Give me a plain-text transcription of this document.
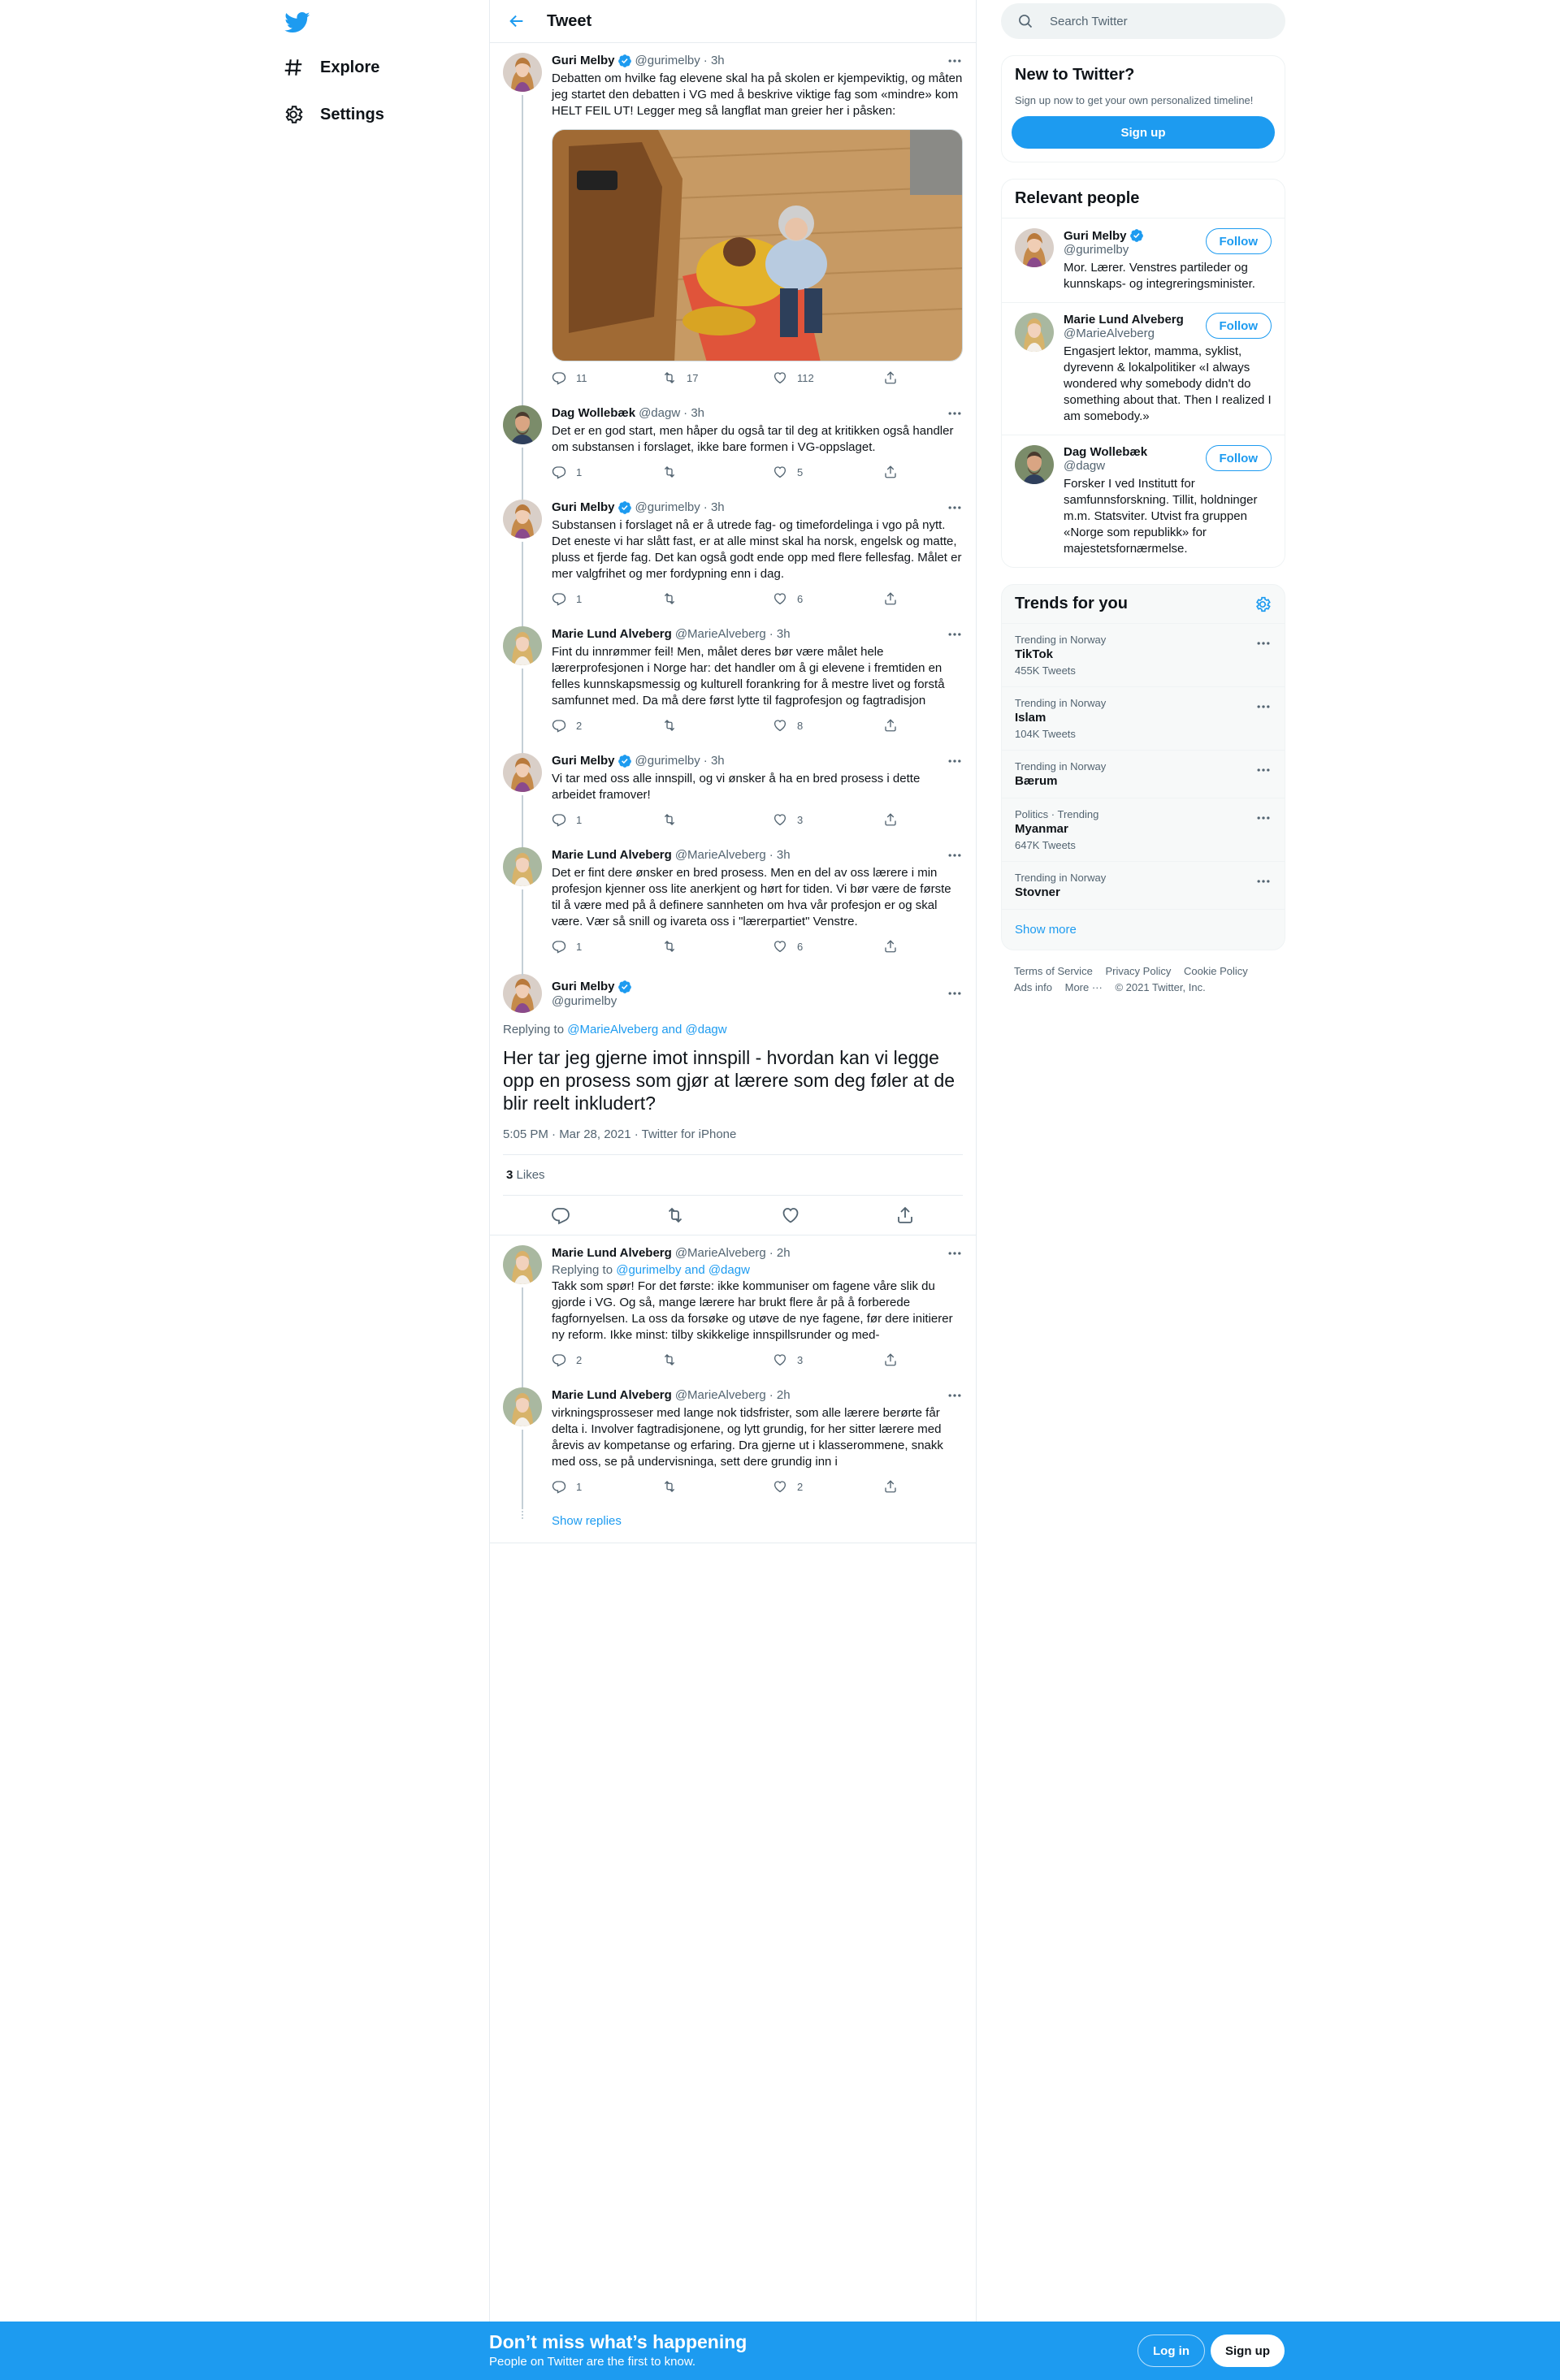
Explore
Settings
Tweet
Guri Melby @gurimelby · 3h
Debatten om hvilke fag elevene skal ha på skolen er kjempeviktig, og måten jeg startet den debatten i VG med å beskrive viktige fag som «mindre» kom HELT FEIL UT! Legger meg så langflat man greier her i påsken:
11	17	112
Dag Wollebæk @dagw · 3h
Det er en god start, men håper du også tar til deg at kritikken også handler om substansen i forslaget, ikke bare formen i VG-oppslaget.
1	5
Guri Melby @gurimelby · 3h
Substansen i forslaget nå er å utrede fag- og timefordelinga i vgo på nytt. Det eneste vi har slått fast, er at alle minst skal ha norsk, engelsk og matte, pluss et fjerde fag. Det kan også godt ende opp med flere fellesfag. Målet er mer valgfrihet og mer fordypning enn i dag.
1	6
Marie Lund Alveberg @MarieAlveberg · 3h
Fint du innrømmer feil! Men, målet deres bør være målet hele lærerprofesjonen i Norge har: det handler om å gi elevene i fremtiden en felles kunnskapsmessig og kulturell forankring for å mestre livet og forstå samfunnet med. Da må dere først lytte til fagprofesjon og fagtradisjon
2	8
Guri Melby @gurimelby · 3h
Vi tar med oss alle innspill, og vi ønsker å ha en bred prosess i dette arbeidet framover!
1	3
Marie Lund Alveberg @MarieAlveberg · 3h
Det er fint dere ønsker en bred prosess. Men en del av oss lærere i min profesjon kjenner oss lite anerkjent og hørt for tiden. Vi bør være de første til å være med på å definere sannheten om hva vår profesjon er og skal være. Vær så snill og ivareta oss i "lærerpartiet" Venstre.
1	6
Guri Melby
@gurimelby
Replying to @MarieAlveberg and @dagw
Her tar jeg gjerne imot innspill - hvordan kan vi legge opp en prosess som gjør at lærere som deg føler at de blir reelt inkludert?
5:05 PM · Mar 28, 2021 · Twitter for iPhone
3 Likes
Marie Lund Alveberg @MarieAlveberg · 2h
Replying to @gurimelby and @dagw
Takk som spør! For det første: ikke kommuniser om fagene våre slik du gjorde i VG. Og så, mange lærere har brukt flere år på å forberede fagfornyelsen. La oss da forsøke og utøve de nye fagene, før dere initierer ny reform. Ikke minst: tilby skikkelige innspillsrunder og med-
2	3
Marie Lund Alveberg @MarieAlveberg · 2h
virkningsprosseser med lange nok tidsfrister, som alle lærere berørte får delta i. Involver fagtradisjonene, og lytt grundig, for her sitter lærere med årevis av kompetanse og erfaring. Dra gjerne ut i klasserommene, snakk med oss, se på undervisninga, sett dere grundig inn i
1	2
Show replies
Search Twitter
New to Twitter?
Sign up now to get your own personalized timeline!
Sign up
Relevant people
Guri Melby
@gurimelby
Follow
Mor. Lærer. Venstres partileder og kunnskaps- og integreringsminister.
Marie Lund Alveberg
@MarieAlveberg
Follow
Engasjert lektor, mamma, syklist, dyrevenn & lokalpolitiker «I always wondered why somebody didn't do something about that. Then I realized I am somebody.»
Dag Wollebæk
@dagw
Follow
Forsker I ved Institutt for samfunnsforskning. Tillit, holdninger m.m. Statsviter. Utvist fra gruppen «Norge som republikk» for majestetsfornærmelse.
Trends for you
Trending in Norway
TikTok
455K Tweets
Trending in Norway
Islam
104K Tweets
Trending in Norway
Bærum
Politics · Trending
Myanmar
647K Tweets
Trending in Norway
Stovner
Show more
Terms of Service Privacy Policy Cookie Policy
Ads info More ··· © 2021 Twitter, Inc.
Don’t miss what’s happening
People on Twitter are the first to know.
Log in	Sign up
